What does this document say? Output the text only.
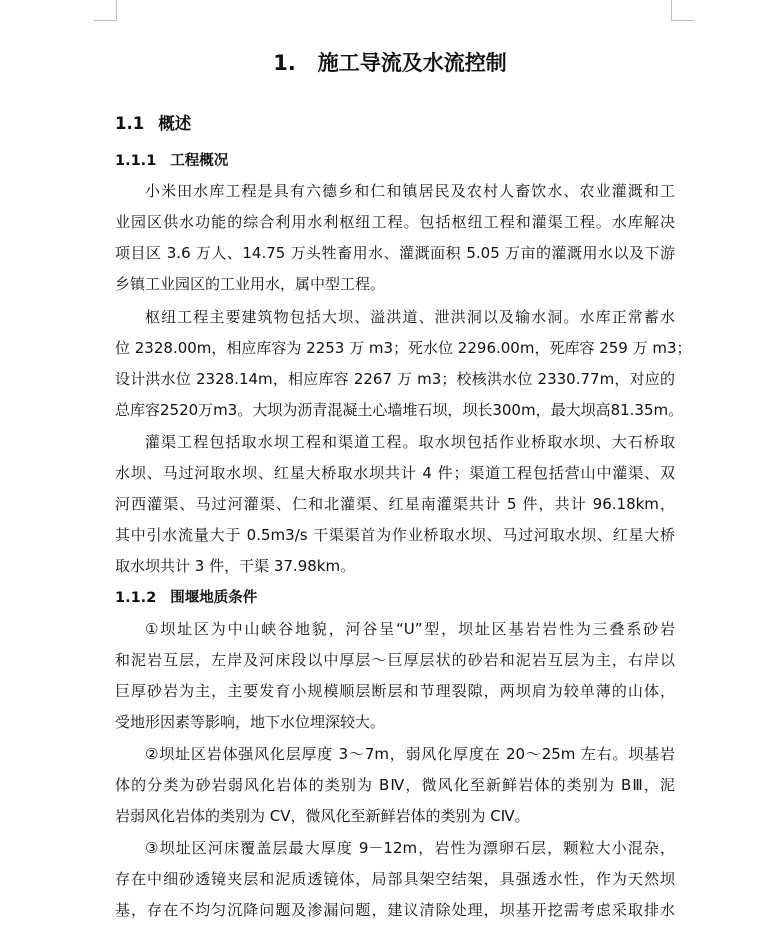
1. 施工导流及水流控制
1.1 概述
1.1.1 工程概况
小米田水库工程是具有六德乡和仁和镇居民及农村人畜饮水、农业灌溉和工
业园区供水功能的综合利用水利枢纽工程。包括枢纽工程和灌渠工程。水库解决
项目区 3.6 万人、14.75 万头牲畜用水、灌溉面积 5.05 万亩的灌溉用水以及下游
乡镇工业园区的工业用水，属中型工程。
枢纽工程主要建筑物包括大坝、溢洪道、泄洪洞以及输水洞。水库正常蓄水
位 2328.00m，相应库容为 2253 万 m3；死水位 2296.00m，死库容 259 万 m3；
设计洪水位 2328.14m，相应库容 2267 万 m3；校核洪水位 2330.77m，对应的
总库容2520万m3。大坝为沥青混凝土心墙堆石坝，坝长300m，最大坝高81.35m。
灌渠工程包括取水坝工程和渠道工程。取水坝包括作业桥取水坝、大石桥取
水坝、马过河取水坝、红星大桥取水坝共计 4 件；渠道工程包括营山中灌渠、双
河西灌渠、马过河灌渠、仁和北灌渠、红星南灌渠共计 5 件，共计 96.18km，
其中引水流量大于 0.5m3/s 干渠渠首为作业桥取水坝、马过河取水坝、红星大桥
取水坝共计 3 件，干渠 37.98km。
1.1.2 围堰地质条件
①坝址区为中山峡谷地貌，河谷呈“U”型，坝址区基岩岩性为三叠系砂岩
和泥岩互层，左岸及河床段以中厚层～巨厚层状的砂岩和泥岩互层为主，右岸以
巨厚砂岩为主，主要发育小规模顺层断层和节理裂隙，两坝肩为较单薄的山体，
受地形因素等影响，地下水位埋深较大。
②坝址区岩体强风化层厚度 3～7m，弱风化厚度在 20～25m 左右。坝基岩
体的分类为砂岩弱风化岩体的类别为 BⅣ，微风化至新鲜岩体的类别为 BⅢ，泥
岩弱风化岩体的类别为 CⅤ，微风化至新鲜岩体的类别为 CⅣ。
③坝址区河床覆盖层最大厚度 9－12m，岩性为漂卵石层，颗粒大小混杂，
存在中细砂透镜夹层和泥质透镜体，局部具架空结架，具强透水性，作为天然坝
基，存在不均匀沉降问题及渗漏问题，建议清除处理，坝基开挖需考虑采取排水
